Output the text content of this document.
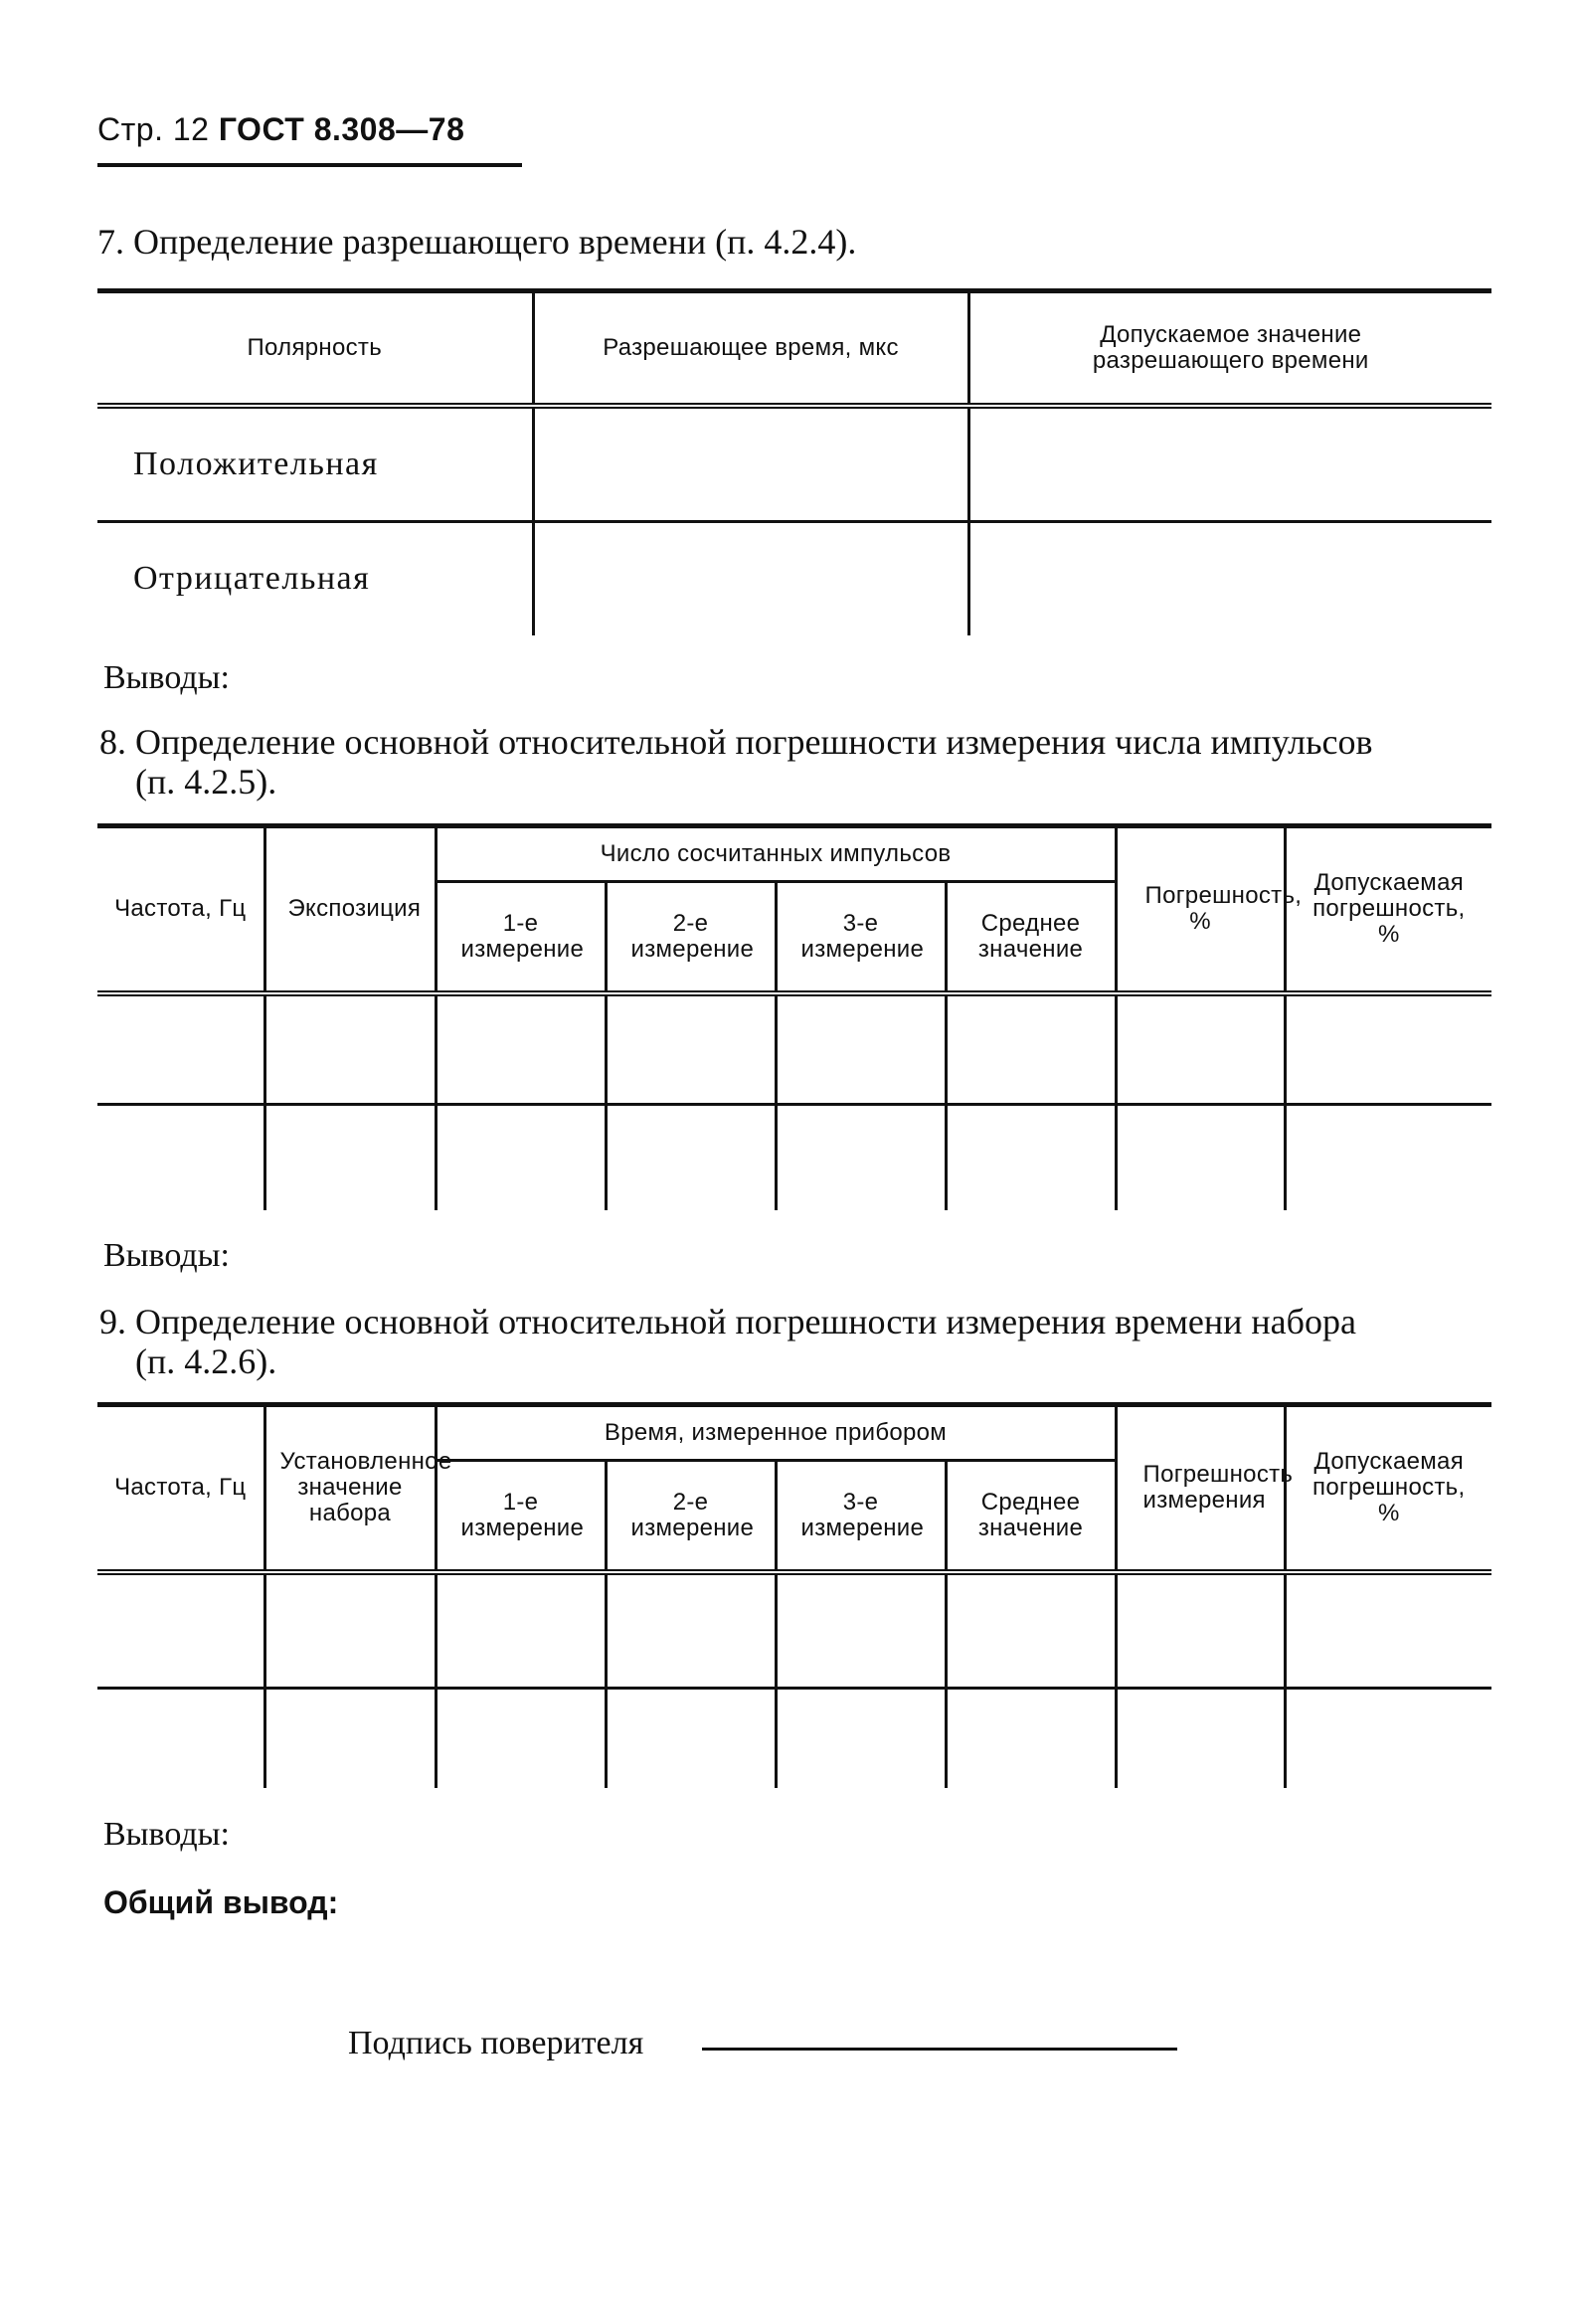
Стр. 12 ГОСТ 8.308—78
7. Определение разрешающего времени (п. 4.2.4).
Полярность	Разрешающее время, мкс	Допускаемое значение разрешающего времени
Положительная		
Отрицательная		
Выводы:
8. Определение основной относительной погрешности измерения числа импульсов
(п. 4.2.5).
Частота, Гц	Экспозиция	Число сосчитанных импульсов				Погрешность, %	Допускаемая погрешность, %
		1-е измерение	2-е измерение	3-е измерение	Среднее значение		

Выводы:
9. Определение основной относительной погрешности измерения времени набора
(п. 4.2.6).
Частота, Гц	Установленное значение набора	Время, измеренное прибором				Погрешность измерения	Допускаемая погрешность, %
		1-е измерение	2-е измерение	3-е измерение	Среднее значение		

Выводы:
Общий вывод:
Подпись поверителя
